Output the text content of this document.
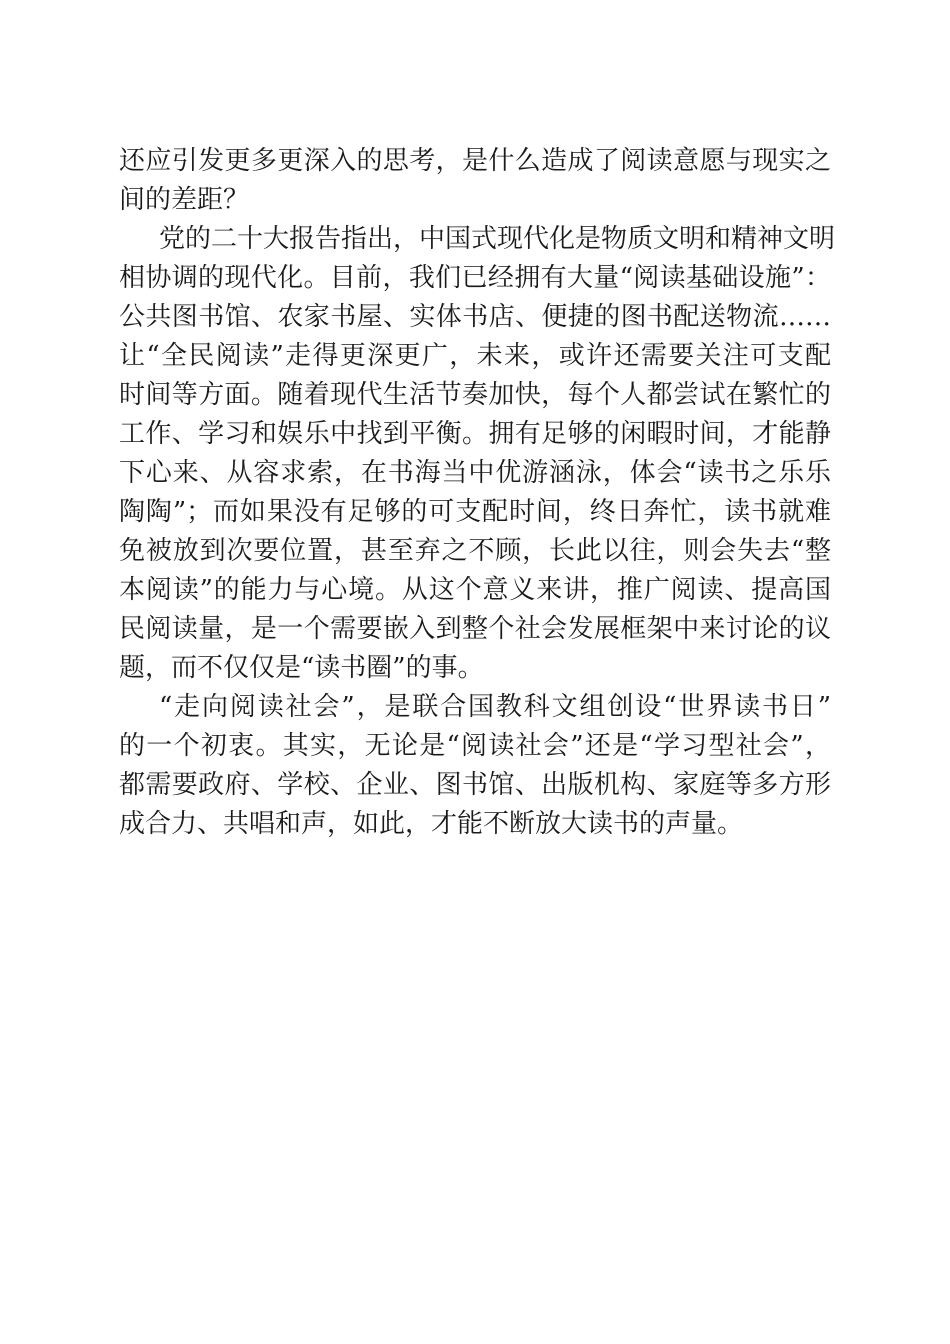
还应引发更多更深入的思考，是什么造成了阅读意愿与现实之
间的差距？
党的二十大报告指出，中国式现代化是物质文明和精神文明
相协调的现代化。目前，我们已经拥有大量“阅读基础设施”：
公共图书馆、农家书屋、实体书店、便捷的图书配送物流……
让“全民阅读”走得更深更广，未来，或许还需要关注可支配
时间等方面。随着现代生活节奏加快，每个人都尝试在繁忙的
工作、学习和娱乐中找到平衡。拥有足够的闲暇时间，才能静
下心来、从容求索，在书海当中优游涵泳，体会“读书之乐乐
陶陶”；而如果没有足够的可支配时间，终日奔忙，读书就难
免被放到次要位置，甚至弃之不顾，长此以往，则会失去“整
本阅读”的能力与心境。从这个意义来讲，推广阅读、提高国
民阅读量，是一个需要嵌入到整个社会发展框架中来讨论的议
题，而不仅仅是“读书圈”的事。
“走向阅读社会”，是联合国教科文组创设“世界读书日”
的一个初衷。其实，无论是“阅读社会”还是“学习型社会”，
都需要政府、学校、企业、图书馆、出版机构、家庭等多方形
成合力、共唱和声，如此，才能不断放大读书的声量。
